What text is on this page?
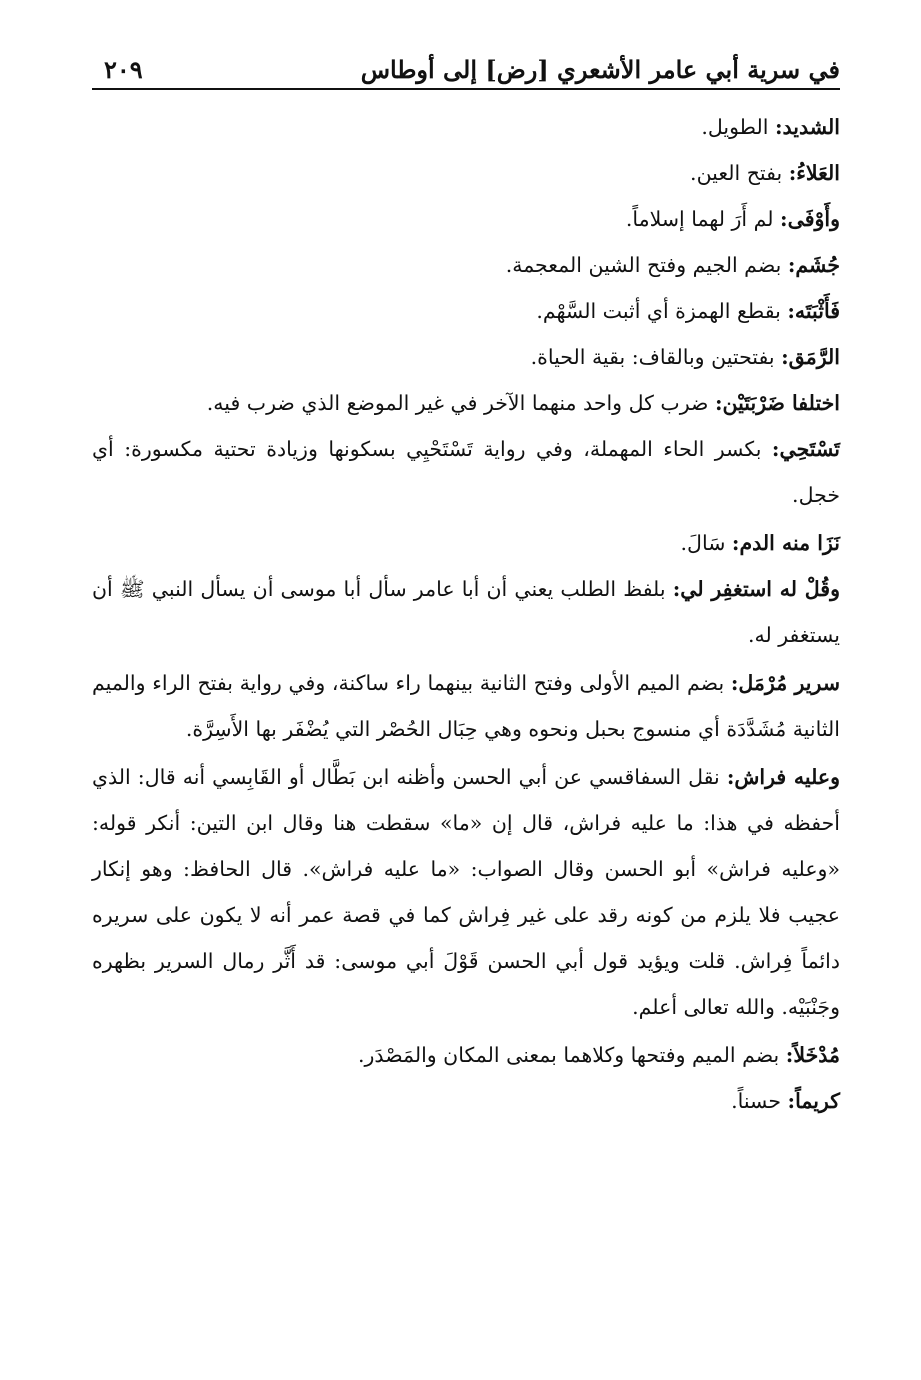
في سرية أبي عامر الأشعري [رض] إلى أوطاس
٢٠٩

الشديد: الطويل.

العَلاءُ: بفتح العين.

وأَوْفَى: لم أَرَ لهما إسلاماً.

جُشَم: بضم الجيم وفتح الشين المعجمة.

فَأَثْبَتَه: بقطع الهمزة أي أثبت السَّهْم.

الرَّمَق: بفتحتين وبالقاف: بقية الحياة.

اختلفا ضَرْبَتَيْن: ضرب كل واحد منهما الآخر في غير الموضع الذي ضرب فيه.

تَسْتَحِي: بكسر الحاء المهملة، وفي رواية تَسْتَحْيِي بسكونها وزيادة تحتية مكسورة: أي خجل.

نَزَا منه الدم: سَالَ.

وقُلْ له استغفِر لي: بلفظ الطلب يعني أن أبا عامر سأل أبا موسى أن يسأل النبي ﷺ أن يستغفر له.

سرير مُرْمَل: بضم الميم الأولى وفتح الثانية بينهما راء ساكنة، وفي رواية بفتح الراء والميم الثانية مُشَدَّدَة أي منسوج بحبل ونحوه وهي حِبَال الحُصْر التي يُضْفَر بها الأَسِرَّة.

وعليه فراش: نقل السفاقسي عن أبي الحسن وأظنه ابن بَطَّال أو القَابِسي أنه قال: الذي أحفظه في هذا: ما عليه فراش، قال إن «ما» سقطت هنا وقال ابن التين: أنكر قوله: «وعليه فراش» أبو الحسن وقال الصواب: «ما عليه فراش». قال الحافظ: وهو إنكار عجيب فلا يلزم من كونه رقد على غير فِراش كما في قصة عمر أنه لا يكون على سريره دائماً فِراش. قلت ويؤيد قول أبي الحسن قَوْلَ أبي موسى: قد أَثَّر رمال السرير بظهره وجَنْبَيْه. والله تعالى أعلم.

مُدْخَلاً: بضم الميم وفتحها وكلاهما بمعنى المكان والمَصْدَر.

كريماً: حسناً.
